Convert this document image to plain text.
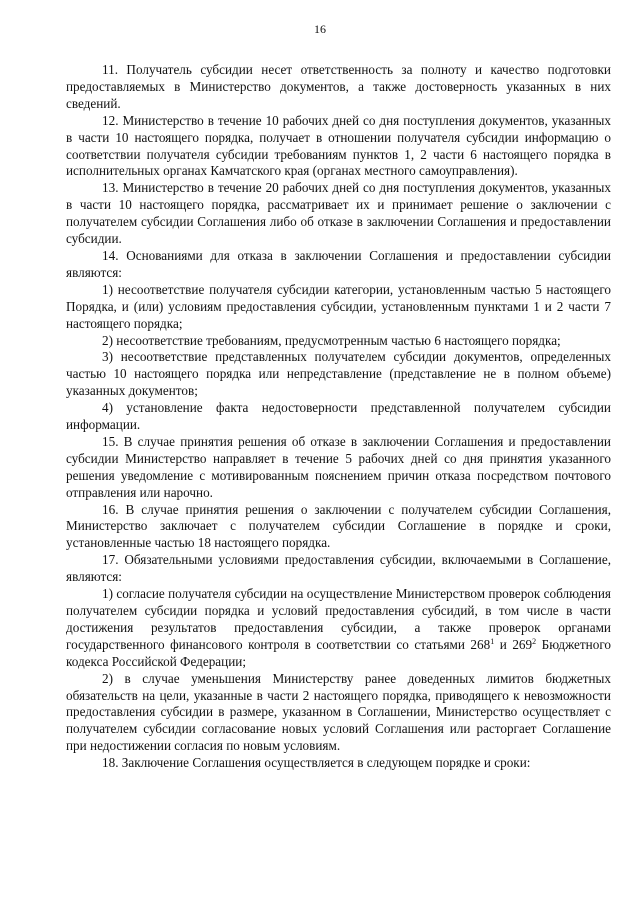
16

11. Получатель субсидии несет ответственность за полноту и качество подготовки предоставляемых в Министерство документов, а также достоверность указанных в них сведений.

12. Министерство в течение 10 рабочих дней со дня поступления документов, указанных в части 10 настоящего порядка, получает в отношении получателя субсидии информацию о соответствии получателя субсидии требованиям пунктов 1, 2 части 6 настоящего порядка в исполнительных органах Камчатского края (органах местного самоуправления).

13. Министерство в течение 20 рабочих дней со дня поступления документов, указанных в части 10 настоящего порядка, рассматривает их и принимает решение о заключении с получателем субсидии Соглашения либо об отказе в заключении Соглашения и предоставлении субсидии.

14. Основаниями для отказа в заключении Соглашения и предоставлении субсидии являются:

1) несоответствие получателя субсидии категории, установленным частью 5 настоящего Порядка, и (или) условиям предоставления субсидии, установленным пунктами 1 и 2 части 7 настоящего порядка;

2) несоответствие требованиям, предусмотренным частью 6 настоящего порядка;

3) несоответствие представленных получателем субсидии документов, определенных частью 10 настоящего порядка или непредставление (представление не в полном объеме) указанных документов;

4) установление факта недостоверности представленной получателем субсидии информации.

15. В случае принятия решения об отказе в заключении Соглашения и предоставлении субсидии Министерство направляет в течение 5 рабочих дней со дня принятия указанного решения уведомление с мотивированным пояснением причин отказа посредством почтового отправления или нарочно.

16. В случае принятия решения о заключении с получателем субсидии Соглашения, Министерство заключает с получателем субсидии Соглашение в порядке и сроки, установленные частью 18 настоящего порядка.

17. Обязательными условиями предоставления субсидии, включаемыми в Соглашение, являются:

1) согласие получателя субсидии на осуществление Министерством проверок соблюдения получателем субсидии порядка и условий предоставления субсидий, в том числе в части достижения результатов предоставления субсидии, а также проверок органами государственного финансового контроля в соответствии со статьями $268^1$ и $269^2$ Бюджетного кодекса Российской Федерации;

2) в случае уменьшения Министерству ранее доведенных лимитов бюджетных обязательств на цели, указанные в части 2 настоящего порядка, приводящего к невозможности предоставления субсидии в размере, указанном в Соглашении, Министерство осуществляет с получателем субсидии согласование новых условий Соглашения или расторгает Соглашение при недостижении согласия по новым условиям.

18. Заключение Соглашения осуществляется в следующем порядке и сроки:
